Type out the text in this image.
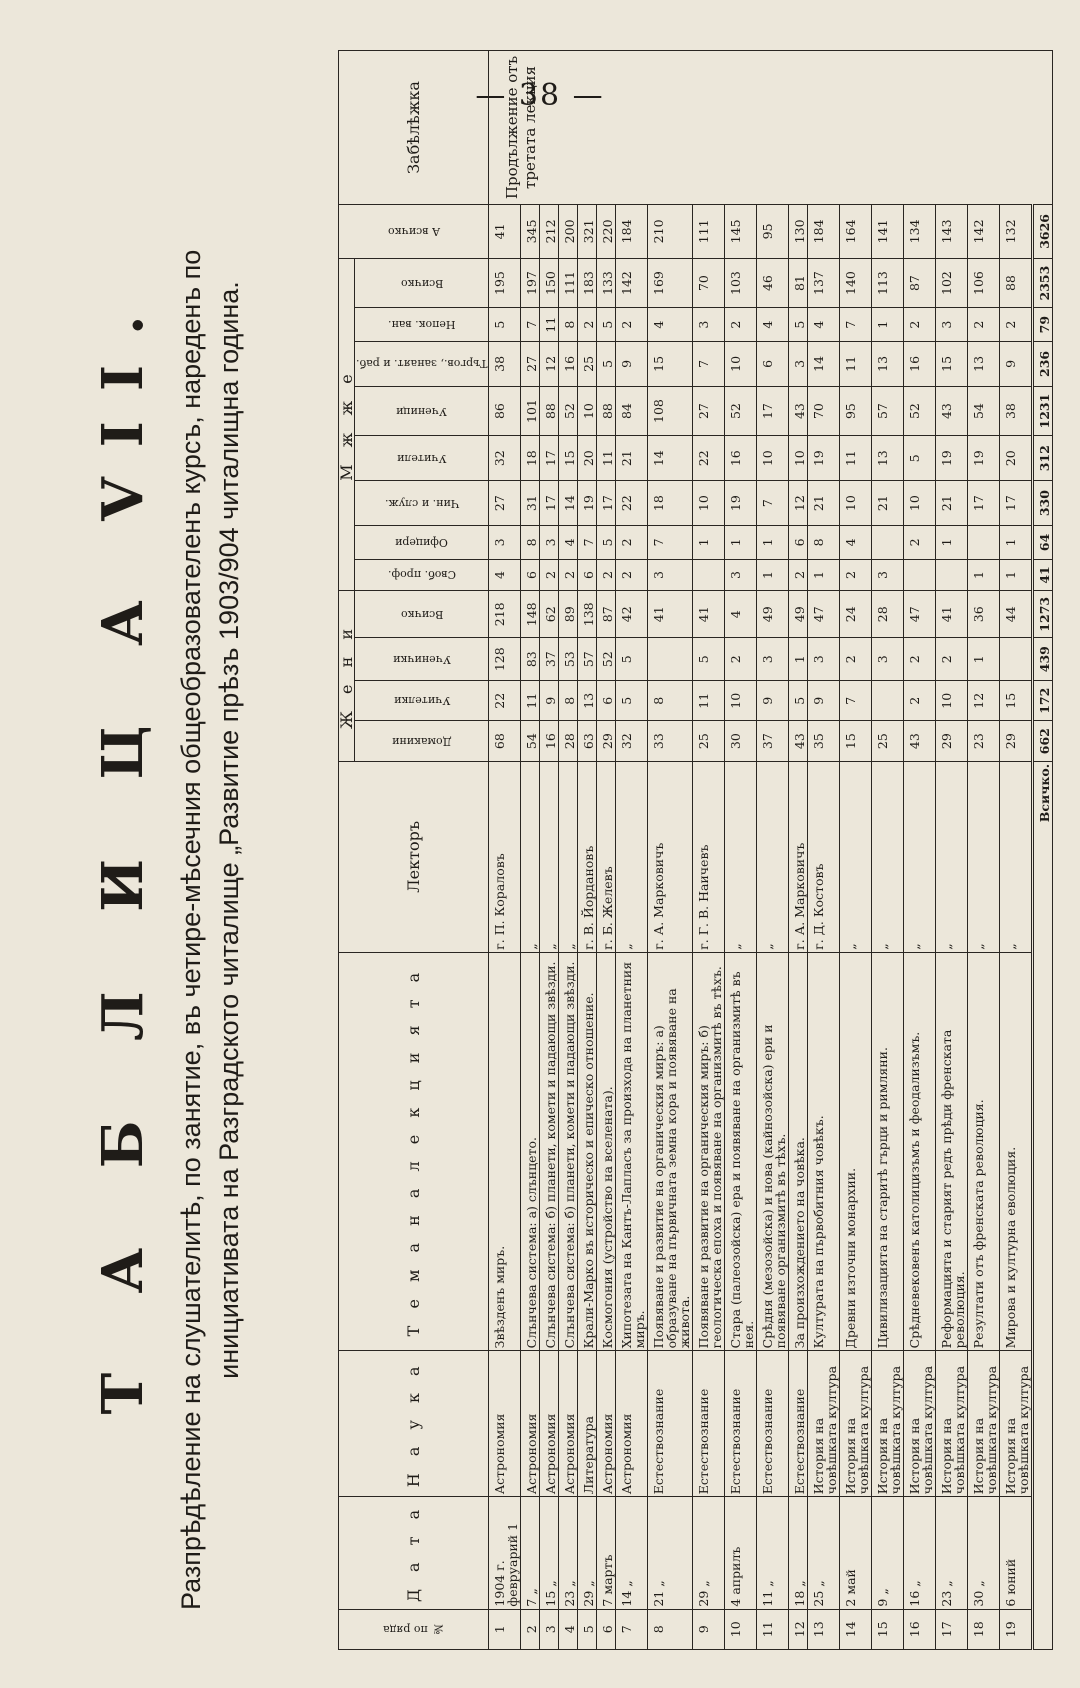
— 38 —
Т А Б Л И Ц А VII. Разпрѣдѣление на слушателитѣ, по занятие, въ четире-мѣсечния общеобразователенъ курсъ, нареденъ по инициативата на Разградското читалище „Развитие прѣзъ 1903/904 читалищна година.
№ по ряда	Д а т а	Н а у к а	Т е м а н а л е к ц и я т а	Лекторъ	Ж е н и				М ж ж е								А всичко	Забѣлѣжка

					Домакини	Учителки	Ученички	Всичко	Своб. проф.	Офицери	Чин. и служ.	Учители	Ученици	Търгов., занаят. и раб.	Непок. ван.	Всичко		

1	1904 г. февруарий 1	Астрономия	Звѣзденъ миръ.	г. П. Кораловъ	68	22	128	218	4	3	27	32	86	38	5	195	41	Продължение отъ третата лекция

2	7 „	Астрономия	Слънчева система: а) слънцето.	„	54	11	83	148	6	8	31	18	101	27	7	197	345	
3	15 „	Астрономия	Слънчева система: б) планети, комети и падающи звѣзди.	„	16	9	37	62	2	3	17	17	88	12	11	150	212	
4	23 „	Астрономия	Слънчева система: б) планети, комети и падающи звѣзди.	„	28	8	53	89	2	4	14	15	52	16	8	111	200	
5	29 „	Литература	Крали-Марко въ историческо и епическо отношение.	г. В. Йордановъ	63	13	57	138	6	7	19	20	10	25	2	183	321	
6	7 мартъ	Астрономия	Космогония (устройство на вселената).	г. Б. Желевъ	29	6	52	87	2	5	17	11	88	5	5	133	220	
7	14 „	Астрономия	Хипотезата на Кантъ-Лапласъ за произхода на планетния миръ.	„	32	5	5	42	2	2	22	21	84	9	2	142	184	
8	21 „	Естествознание	Появяване и развитие на органическия миръ: а) образуване на първичната земна кора и появяване на живота.	г. А. Марковичъ	33	8		41	3	7	18	14	108	15	4	169	210	
9	29 „	Естествознание	Появяване и развитие на органическия миръ: б) геологическа епоха и появяване на организмитѣ въ тѣхъ.	г. Г. В. Наичевъ	25	11	5	41		1	10	22	27	7	3	70	111	
10	4 априлъ	Естествознание	Стара (палеозойска) ера и появяване на организмитѣ въ нея.	„	30	10	2	4	3	1	19	16	52	10	2	103	145	
11	11 „	Естествознание	Срѣдня (мезозойска) и нова (кайнозойска) ери и появяване организмитѣ въ тѣхъ.	„	37	9	3	49	1	1	7	10	17	6	4	46	95	
12	18 „	Естествознание	За произхождението на човѣка.	г. А. Марковичъ	43	5	1	49	2	6	12	10	43	3	5	81	130	
13	25 „	История на човѣшката култура	Културата на първобитния човѣкъ.	г. Д. Костовъ	35	9	3	47	1	8	21	19	70	14	4	137	184	
14	2 май	История на човѣшката култура	Древни източни монархии.	„	15	7	2	24	2	4	10	11	95	11	7	140	164	
15	9 „	История на човѣшката култура	Цивилизацията на старитѣ гърци и римляни.	„	25		3	28	3		21	13	57	13	1	113	141	
16	16 „	История на човѣшката култура	Срѣдневековенъ католицизъмъ и феодализъмъ.	„	43	2	2	47		2	10	5	52	16	2	87	134	
17	23 „	История на човѣшката култура	Реформацията и старият редъ прѣди френската революция.	„	29	10	2	41		1	21	19	43	15	3	102	143	
18	30 „	История на човѣшката култура	Резултати отъ френската революция.	„	23	12	1	36	1		17	19	54	13	2	106	142	
19	6 юний	История на човѣшката култура	Мирова и културна еволюция.	„	29	15		44	1	1	17	20	38	9	2	88	132	
Всичко.					662	172	439	1273	41	64	330	312	1231	236	79	2353	3626	
